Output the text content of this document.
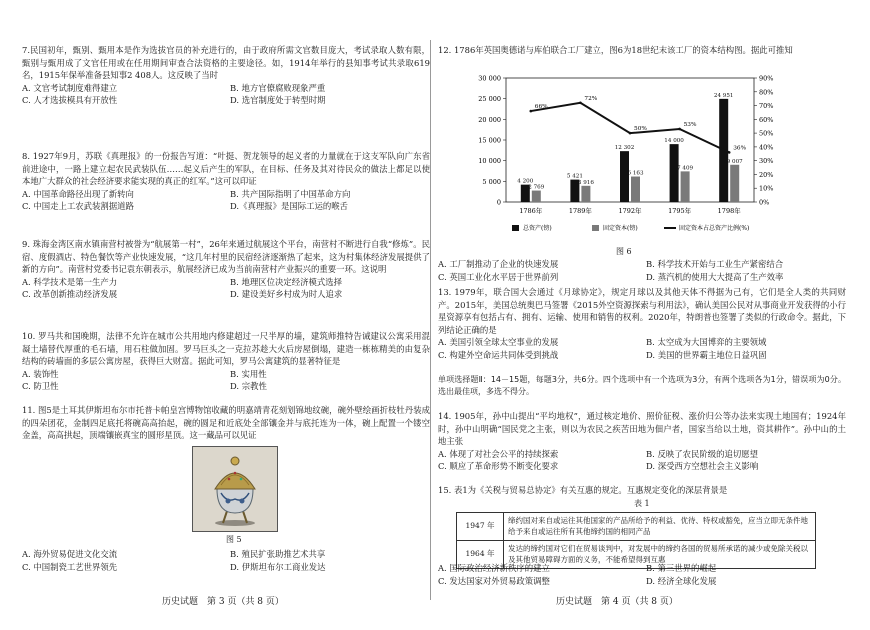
7.民国初年，甄别、甄用本是作为选拔官员的补充进行的，由于政府所需文官数目庞大，考试录取人数有限，甄别与甄用成了文官任用或在任用期间审查合法资格的主要途径。如，1914年举行的县知事考试共录取619名，1915年保举准备县知事2 408人。这反映了当时

A. 文官考试制度难得建立	B. 地方官僚腐败现象严重
C. 人才选拔模具有开放性	D. 选官制度处于转型时期

8. 1927年9月，苏联《真理报》的一份报告写道：“叶挺、贺龙领导的起义者的力量就在于这支军队向广东省前进途中，一路上建立起农民武装队伍……起义后产生的军队，在目标、任务及其对待民众的做法上都足以使本地广大群众的社会经济要求能实现的真正的红军。”这可以印证

A. 中国革命路径出现了新转向	B. 共产国际指明了中国革命方向
C. 中国走上工农武装割据道路	D.《真理报》是国际工运的喉舌

9. 珠海金湾区南水镇南营村被誉为“航展第一村”，26年来通过航展这个平台，南营村不断进行自我“修炼”。民宿、度假酒店、特色餐饮等产业快速发展，“这几年村里的民宿经济逐渐热了起来，这为村集体经济发展提供了新的方向”。南营村党委书记袁东朝表示，航展经济已成为当前南营村产业振兴的重要一环。这说明

A. 科学技术是第一生产力	B. 地理区位决定经济模式选择
C. 改革创新推动经济发展	D. 建设美好乡村成为时人追求

10. 罗马共和国晚期，法律不允许在城市公共用地内修建超过一尺半厚的墙，建筑师推特告诫建议公寓采用混凝土墙替代厚重的毛石墙，用石柱做加固。罗马巨头之一克拉苏趁大火后房屋倒塌，建造一栋栋精美的由复杂结构的砖墙面的多层公寓房屋，获得巨大财富。据此可知，罗马公寓建筑的显著特征是

A. 装饰性	B. 实用性
C. 防卫性	D. 宗教性

11. 图5是土耳其伊斯坦布尔市托普卡帕皇宫博物馆收藏的明嘉靖青花刻划锦地纹碗，碗外壁绘画折枝牡丹装成的四朵团花，金制四足底托将碗高高抬起，碗的圆足和近底处全部镶金并与底托连为一体，碗上配置一个镂空金盖，高高拱起，顶端镶嵌真宝的圆形星顶。这一藏品可以见证

图 5
A. 海外贸易促进文化交流	B. 殖民扩张助推艺术共享
C. 中国制瓷工艺世界领先	D. 伊斯坦布尔工商业发达
历史试题　第 3 页（共 8 页）

12. 1786年英国奥德诺与库伯联合工厂建立，图6为18世纪末该工厂的资本结构图。据此可推知

0
5 000
10 000
15 000
20 000
25 000
30 000
0%
10%
20%
30%
40%
50%
60%
70%
80%
90%
4 200
2 769
1786年
5 421
3 916
1789年
12 302
6 163
1792年
14 000
7 409
1795年
24 951
9 007
1798年
66%
72%
50%
53%
36%
总资产(镑)	固定资本(镑)	固定资本占总资产比例(%)
图 6
A. 工厂制推动了企业的快速发展	B. 科学技术开始与工业生产紧密结合
C. 英国工业化水平居于世界前列	D. 蒸汽机的使用大大提高了生产效率

13. 1979年，联合国大会通过《月球协定》，规定月球以及其他天体不得据为己有，它们是全人类的共同财产。2015年，美国总统奥巴马签署《2015外空资源探索与利用法》，确认美国公民对从事商业开发获得的小行星资源享有包括占有、拥有、运输、使用和销售的权利。2020年，特朗普也签署了类似的行政命令。据此，下列结论正确的是

A. 美国引领全球太空事业的发展	B. 太空成为大国博弈的主要领域
C. 构建外空命运共同体受到挑战	D. 美国的世界霸主地位日益巩固

单项选择题Ⅱ：14－15题，每题3分，共6分。四个选项中有一个选项为3分，有两个选项各为1分，错误项为0分。选出最佳项，多选不得分。

14. 1905年，孙中山提出“平均地权”，通过核定地价、照价征税、涨价归公等办法来实现土地国有；1924年时，孙中山明确“国民党之主张，则以为农民之疾苦田地为佃户者，国家当给以土地，资其耕作”。孙中山的土地主张

A. 体现了对社会公平的持续探索	B. 反映了农民阶级的追切愿望
C. 顺应了革命形势不断变化要求	D. 深受西方空想社会主义影响

15. 表1为《关税与贸易总协定》有关互惠的规定。互惠规定变化的深层背景是

表 1
1947 年	缔约国对来自或运往其他国家的产品所给予的利益、优待、特权或豁免，应当立即无条件地给予来自或运往所有其他缔约国的相同产品
1964 年	发达的缔约国对它们在贸易谈判中，对发展中的缔约各国的贸易所承诺的减少或免除关税以及其他贸易障碍方面的义务，不能希望得到互惠
A. 国际政治经济新秩序的建立	B. 第三世界的崛起
C. 发达国家对外贸易政策调整	D. 经济全球化发展
历史试题　第 4 页（共 8 页）
